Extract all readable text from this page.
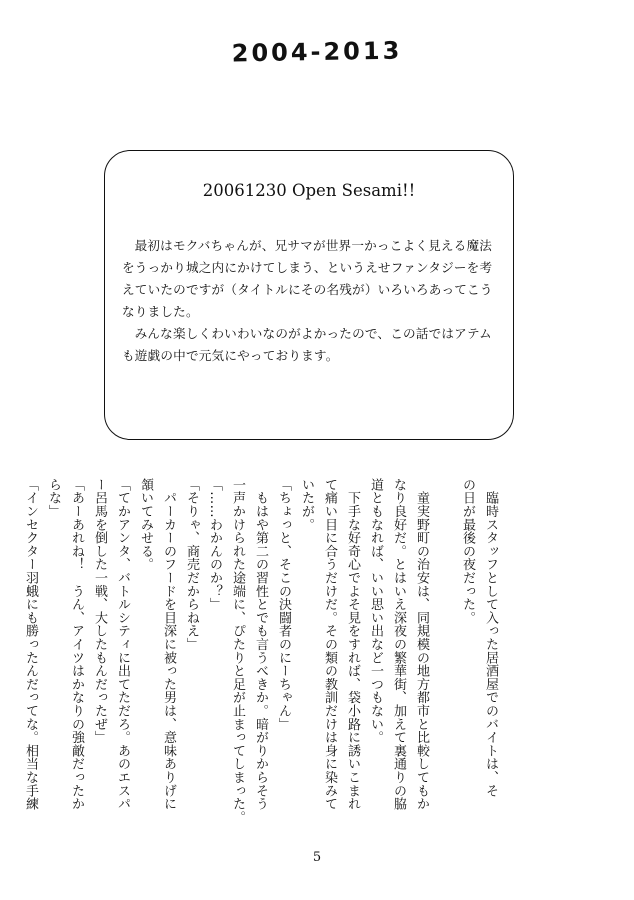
2004-2013
20061230 Open Sesami!!

最初はモクバちゃんが、兄サマが世界一かっこよく見える魔法をうっかり城之内にかけてしまう、というえせファンタジーを考えていたのですが（タイトルにその名残が）いろいろあってこうなりました。

みんな楽しくわいわいなのがよかったので、この話ではアテムも遊戯の中で元気にやっております。

　臨時スタッフとして入った居酒屋でのバイトは、そ
の日が最後の夜だった。

　童実野町の治安は、同規模の地方都市と比較してもか
なり良好だ。とはいえ深夜の繁華街、加えて裏通りの脇
道ともなれば、いい思い出など一つもない。
　下手な好奇心でよそ見をすれば、袋小路に誘いこまれ
て痛い目に合うだけだ。その類の教訓だけは身に染みて
いたが。
「ちょっと、そこの決闘者のにーちゃん」
　もはや第二の習性とでも言うべきか。暗がりからそう
一声かけられた途端に、ぴたりと足が止まってしまった。
「……わかんのか？」
「そりゃ、商売だからねえ」
　パーカーのフードを目深に被った男は、意味ありげに
頷いてみせる。
「てかアンタ、バトルシティに出てただろ。あのエスパ
ー呂馬を倒した一戦、大したもんだったぜ」
「あーあれね！　うん、アイツはかなりの強敵だったか
らな」
「インセクター羽蛾にも勝ったんだってな。相当な手練
5
